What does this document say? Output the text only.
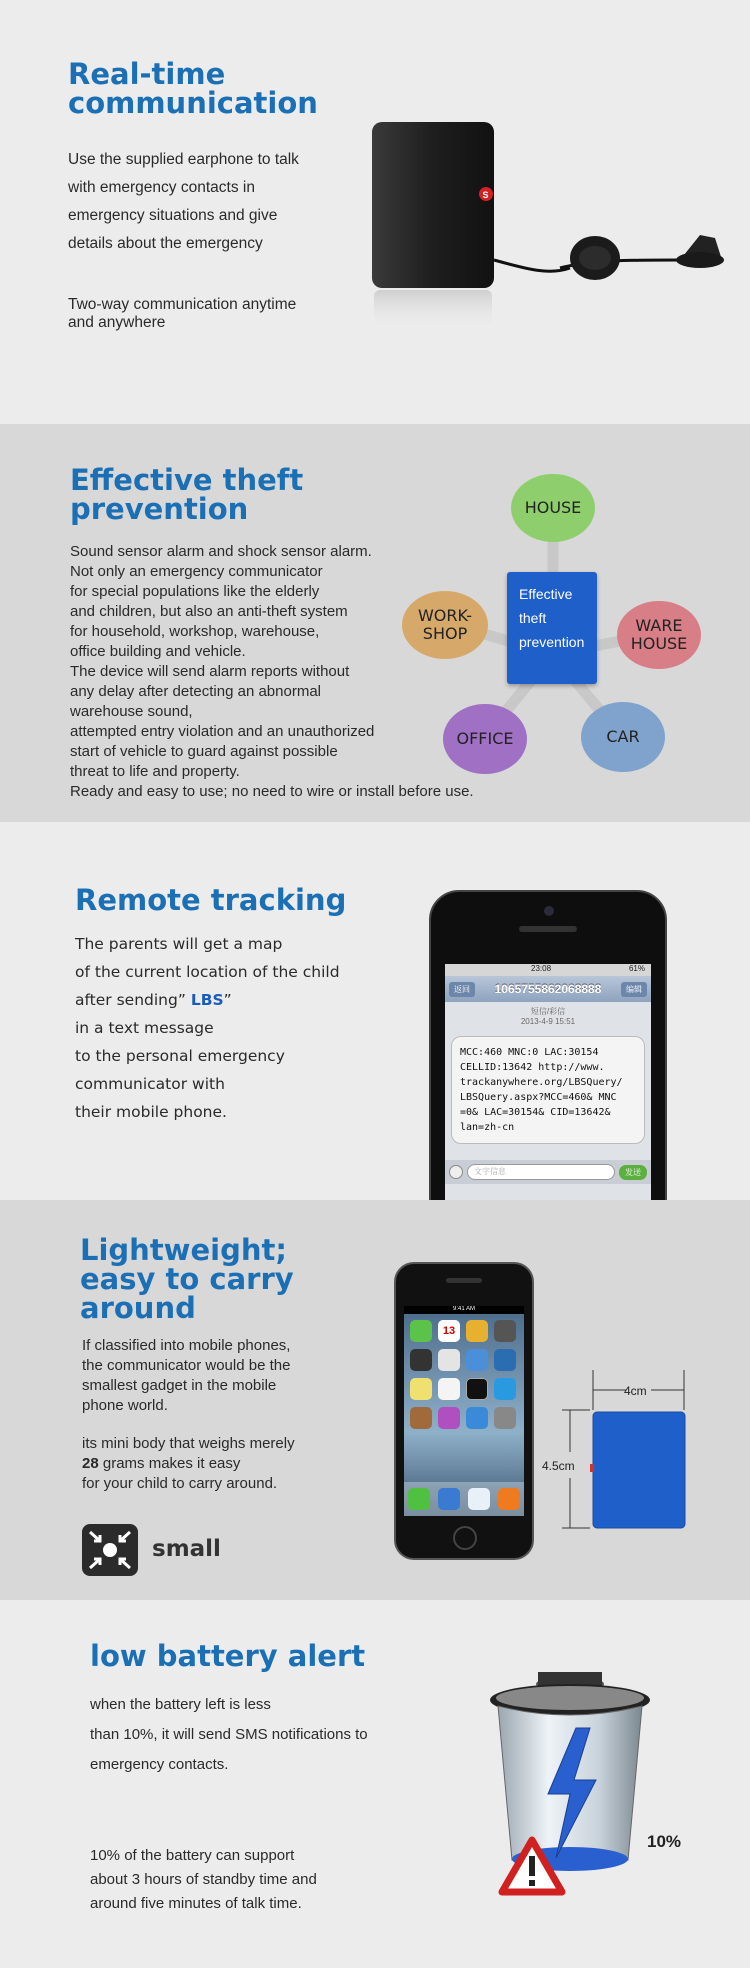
Real-time
communication

Use the supplied earphone to talk

with emergency contacts in

emergency situations and give

details about the emergency

Two-way communication anytime

and anywhere

S
Effective theft
prevention

Sound sensor alarm and shock sensor alarm.

Not only an emergency communicator

for special populations like the elderly

and children, but also an anti-theft system

for household, workshop, warehouse,

office building and vehicle.

The device will send alarm reports without

any delay after detecting an abnormal

warehouse sound,

attempted entry violation and an unauthorized

start of vehicle to guard against possible

threat to life and property.

Ready and easy to use; no need to wire or install before use.

HOUSE
WORK-
SHOP	WARE
HOUSE
OFFICE	CAR
Effective
theft
prevention
Remote tracking

The parents will get a map

of the current location of the child

after sending” LBS”

in a text message

to the personal emergency

communicator with

their mobile phone.

23:08	61%
返回	1065755862068888	编辑
短信/彩信
2013-4-9 15:51
MCC:460 MNC:0 LAC:30154
CELLID:13642 http://www.
trackanywhere.org/LBSQuery/
LBSQuery.aspx?MCC=460& MNC
=0& LAC=30154& CID=13642&
lan=zh-cn
文字信息	发送
Lightweight;
easy to carry
around

If classified into mobile phones,

the communicator would be the

smallest gadget in the mobile

phone world.

its mini body that weighs merely

28 grams makes it easy

for your child to carry around.

small
9:41 AM
13
4cm
4.5cm
low battery alert

when the battery left is less

than 10%, it will send SMS notifications to

emergency contacts.

10% of the battery can support

about 3 hours of standby time and

around five minutes of talk time.

10%
